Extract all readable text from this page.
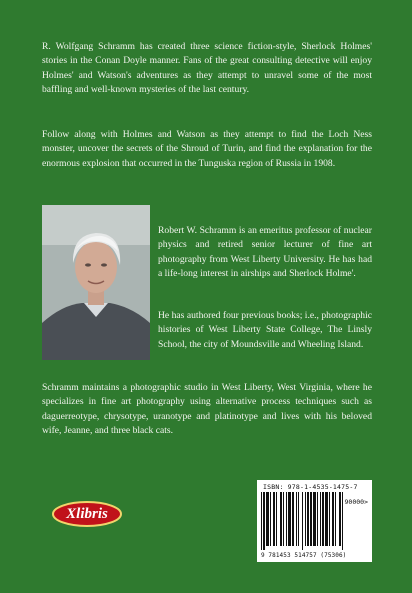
R. Wolfgang Schramm has created three science fiction-style, Sherlock Holmes' stories in the Conan Doyle manner. Fans of the great consulting detective will enjoy Holmes' and Watson's adventures as they attempt to unravel some of the most baffling and well-known mysteries of the last century.

Follow along with Holmes and Watson as they attempt to find the Loch Ness monster, uncover the secrets of the Shroud of Turin, and find the explanation for the enormous explosion that occurred in the Tunguska region of Russia in 1908.

Robert W. Schramm is an emeritus professor of nuclear physics and retired senior lecturer of fine art photography from West Liberty University. He has had a life-long interest in airships and Sherlock Holme'.

He has authored four previous books; i.e., photographic histories of West Liberty State College, The Linsly School, the city of Moundsville and Wheeling Island.

Schramm maintains a photographic studio in West Liberty, West Virginia, where he specializes in fine art photography using alternative process techniques such as daguerreotype, chrysotype, uranotype and platinotype and lives with his beloved wife, Jeanne, and three black cats.

Xlibris
ISBN: 978-1-4535-1475-7
90000>
9 781453 514757 (75306)
